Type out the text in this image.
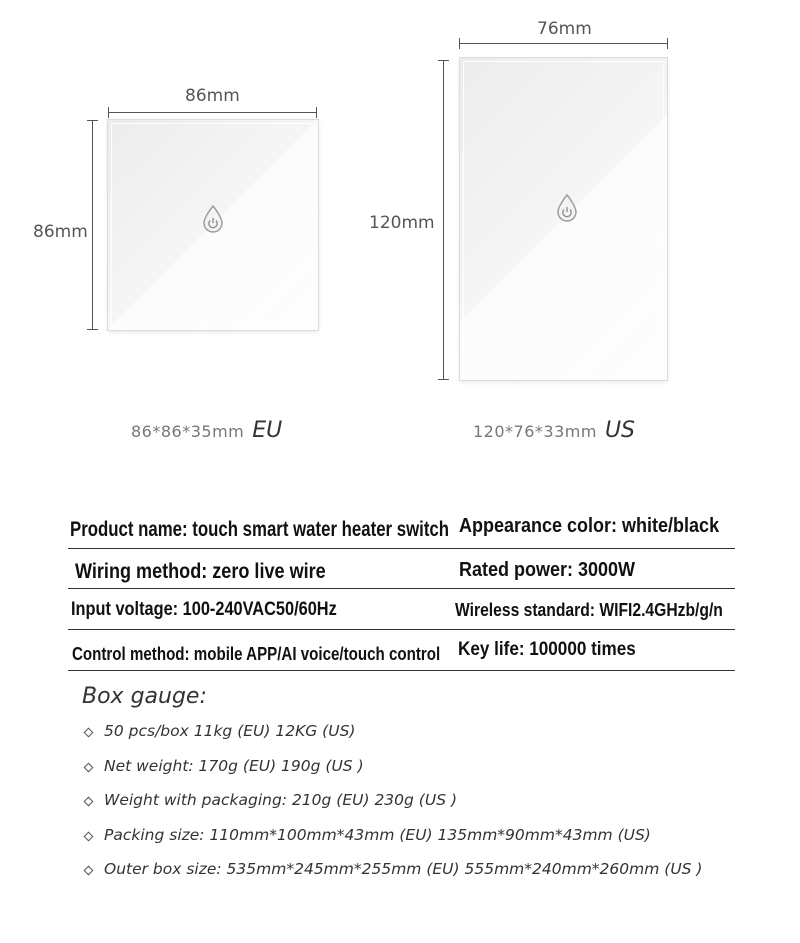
86mm
86mm
86*86*35mm EU
76mm
120mm
120*76*33mm US
Product name: touch smart water heater switch Appearance color: white/black
Wiring method: zero live wire	Rated power: 3000W
Input voltage: 100-240VAC50/60Hz	Wireless standard: WIFI2.4GHzb/g/n
Control method: mobile APP/AI voice/touch control Key life: 100000 times
Box gauge:
50 pcs/box 11kg (EU) 12KG (US)
Net weight: 170g (EU) 190g (US )
Weight with packaging: 210g (EU) 230g (US )
Packing size: 110mm*100mm*43mm (EU) 135mm*90mm*43mm (US)
Outer box size: 535mm*245mm*255mm (EU) 555mm*240mm*260mm (US )
